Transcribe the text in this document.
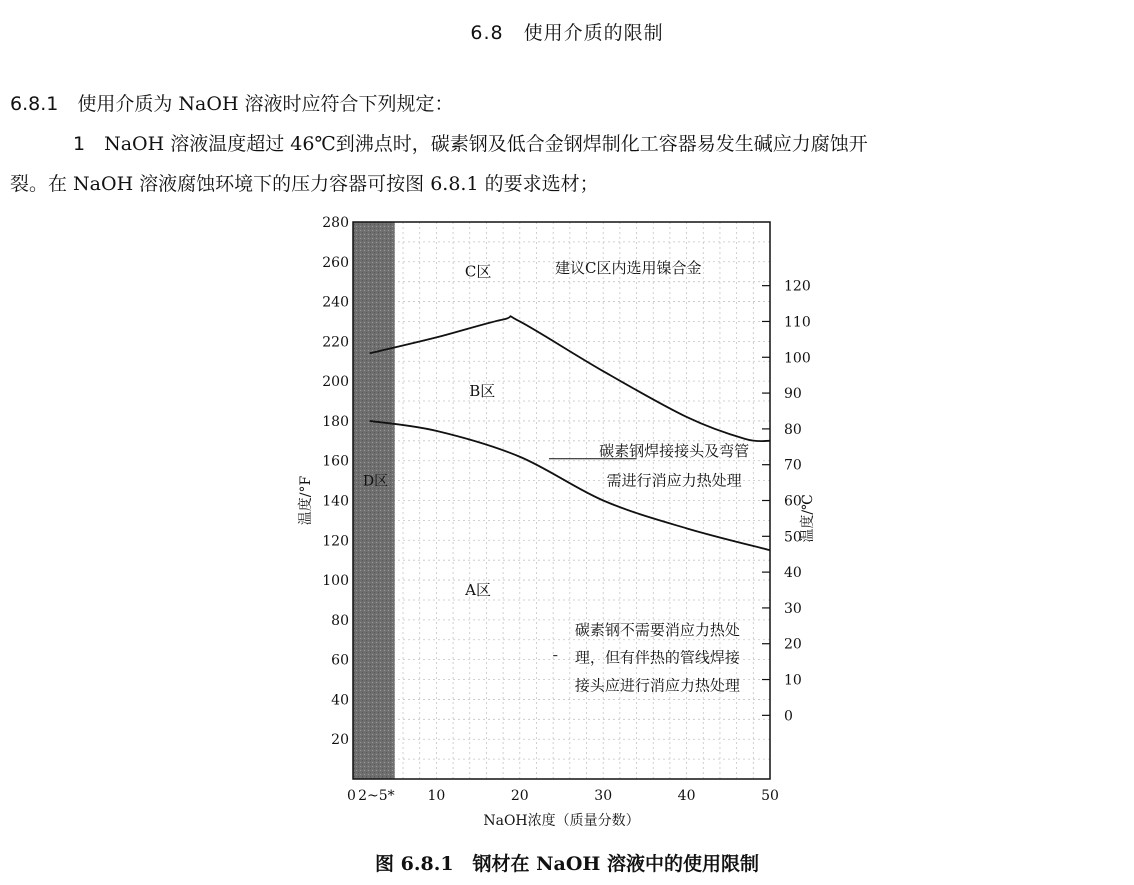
6.8　 使用介质的限制
6.8.1　 使用介质为 NaOH 溶液时应符合下列规定：
1　 NaOH 溶液温度超过 46℃到沸点时，碳素钢及低合金钢焊制化工容器易发生碱应力腐蚀开
裂。在 NaOH 溶液腐蚀环境下的压力容器可按图 6.8.1 的要求选材；
20
40
60
80
100
120
140
160
180
200
220
240
260
280
0
10
20
30
40
50
60
70
80
90
100
110
120
0	10	20	30	40	50
2~5*
NaOH浓度（质量分数）
温度/°F	温度/℃
C区	建议C区内选用镍合金
B区
碳素钢焊接接头及弯管
需进行消应力热处理
A区
碳素钢不需要消应力热处
理，但有伴热的管线焊接
接头应进行消应力热处理
D区
图 6.8.1　钢材在 NaOH 溶液中的使用限制
